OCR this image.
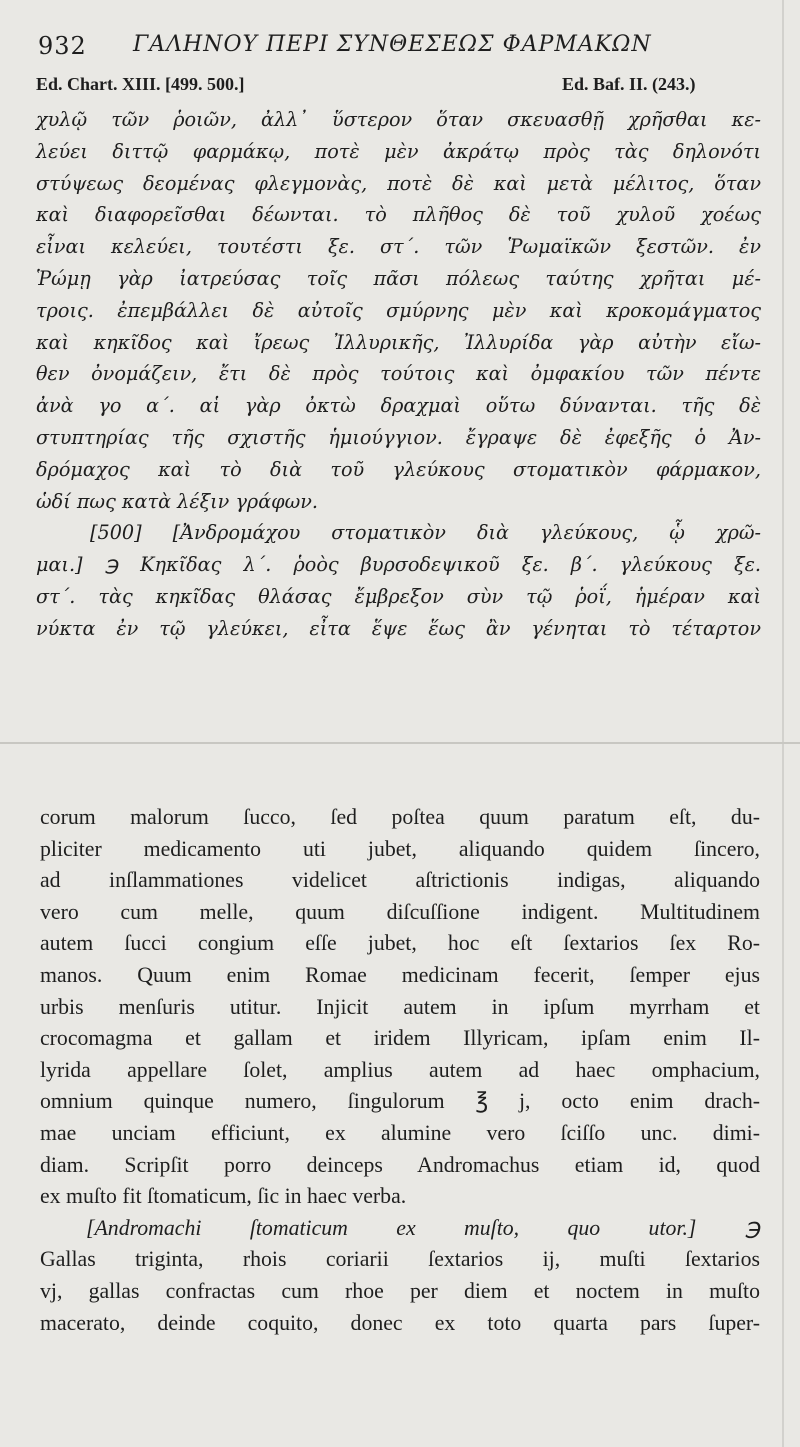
932 ΓΑΛΗΝΟΥ ΠΕΡΙ ΣΥΝΘΕΣΕΩΣ ΦΑΡΜΑΚΩΝ
Ed. Chart. XIII. [499. 500.]	Ed. Baf. II. (243.)
χυλῷ τῶν ῥοιῶν, ἀλλ᾽ ὕστερον ὅταν σκευασθῇ χρῆσθαι κε-
λεύει διττῷ φαρμάκῳ, ποτὲ μὲν ἀκράτῳ πρὸς τὰς δηλονότι
στύψεως δεομένας φλεγμονὰς, ποτὲ δὲ καὶ μετὰ μέλιτος, ὅταν
καὶ διαφορεῖσθαι δέωνται. τὸ πλῆθος δὲ τοῦ χυλοῦ χοέως
εἶναι κελεύει, τουτέστι ξε. στ΄. τῶν Ῥωμαϊκῶν ξεστῶν. ἐν
Ῥώμῃ γὰρ ἰατρεύσας τοῖς πᾶσι πόλεως ταύτης χρῆται μέ-
τροις. ἐπεμβάλλει δὲ αὐτοῖς σμύρνης μὲν καὶ κροκομάγματος
καὶ κηκῖδος καὶ ἴρεως Ἰλλυρικῆς, Ἰλλυρίδα γὰρ αὐτὴν εἴω-
θεν ὀνομάζειν, ἔτι δὲ πρὸς τούτοις καὶ ὀμφακίου τῶν πέντε
ἀνὰ γο α΄. αἱ γὰρ ὀκτὼ δραχμαὶ οὕτω δύνανται. τῆς δὲ
στυπτηρίας τῆς σχιστῆς ἡμιούγγιον. ἔγραψε δὲ ἐφεξῆς ὁ Ἀν-
δρόμαχος καὶ τὸ διὰ τοῦ γλεύκους στοματικὸν φάρμακον,
ὡδί πως κατὰ λέξιν γράφων.
[500] [Ἀνδρομάχου στοματικὸν διὰ γλεύκους, ᾧ χρῶ-
μαι.] ℈ Κηκῖδας λ΄. ῥοὸς βυρσοδεψικοῦ ξε. β΄. γλεύκους ξε.
στ΄. τὰς κηκῖδας θλάσας ἔμβρεξον σὺν τῷ ῥοΐ, ἡμέραν καὶ
νύκτα ἐν τῷ γλεύκει, εἶτα ἕψε ἕως ἂν γένηται τὸ τέταρτον
corum malorum ſucco, ſed poſtea quum paratum eſt, du-
pliciter medicamento uti jubet, aliquando quidem ſincero,
ad inſlammationes videlicet aſtrictionis indigas, aliquando
vero cum melle, quum diſcuſſione indigent. Multitudinem
autem ſucci congium eſſe jubet, hoc eſt ſextarios ſex Ro-
manos. Quum enim Romae medicinam fecerit, ſemper ejus
urbis menſuris utitur. Injicit autem in ipſum myrrham et
crocomagma et gallam et iridem Illyricam, ipſam enim Il-
lyrida appellare ſolet, amplius autem ad haec omphacium,
omnium quinque numero, ſingulorum ℥ j, octo enim drach-
mae unciam efficiunt, ex alumine vero ſciſſo unc. dimi-
diam. Scripſit porro deinceps Andromachus etiam id, quod
ex muſto fit ſtomaticum, ſic in haec verba.
[Andromachi ſtomaticum ex muſto, quo utor.] ℈
Gallas triginta, rhois coriarii ſextarios ij, muſti ſextarios
vj, gallas confractas cum rhoe per diem et noctem in muſto
macerato, deinde coquito, donec ex toto quarta pars ſuper-
